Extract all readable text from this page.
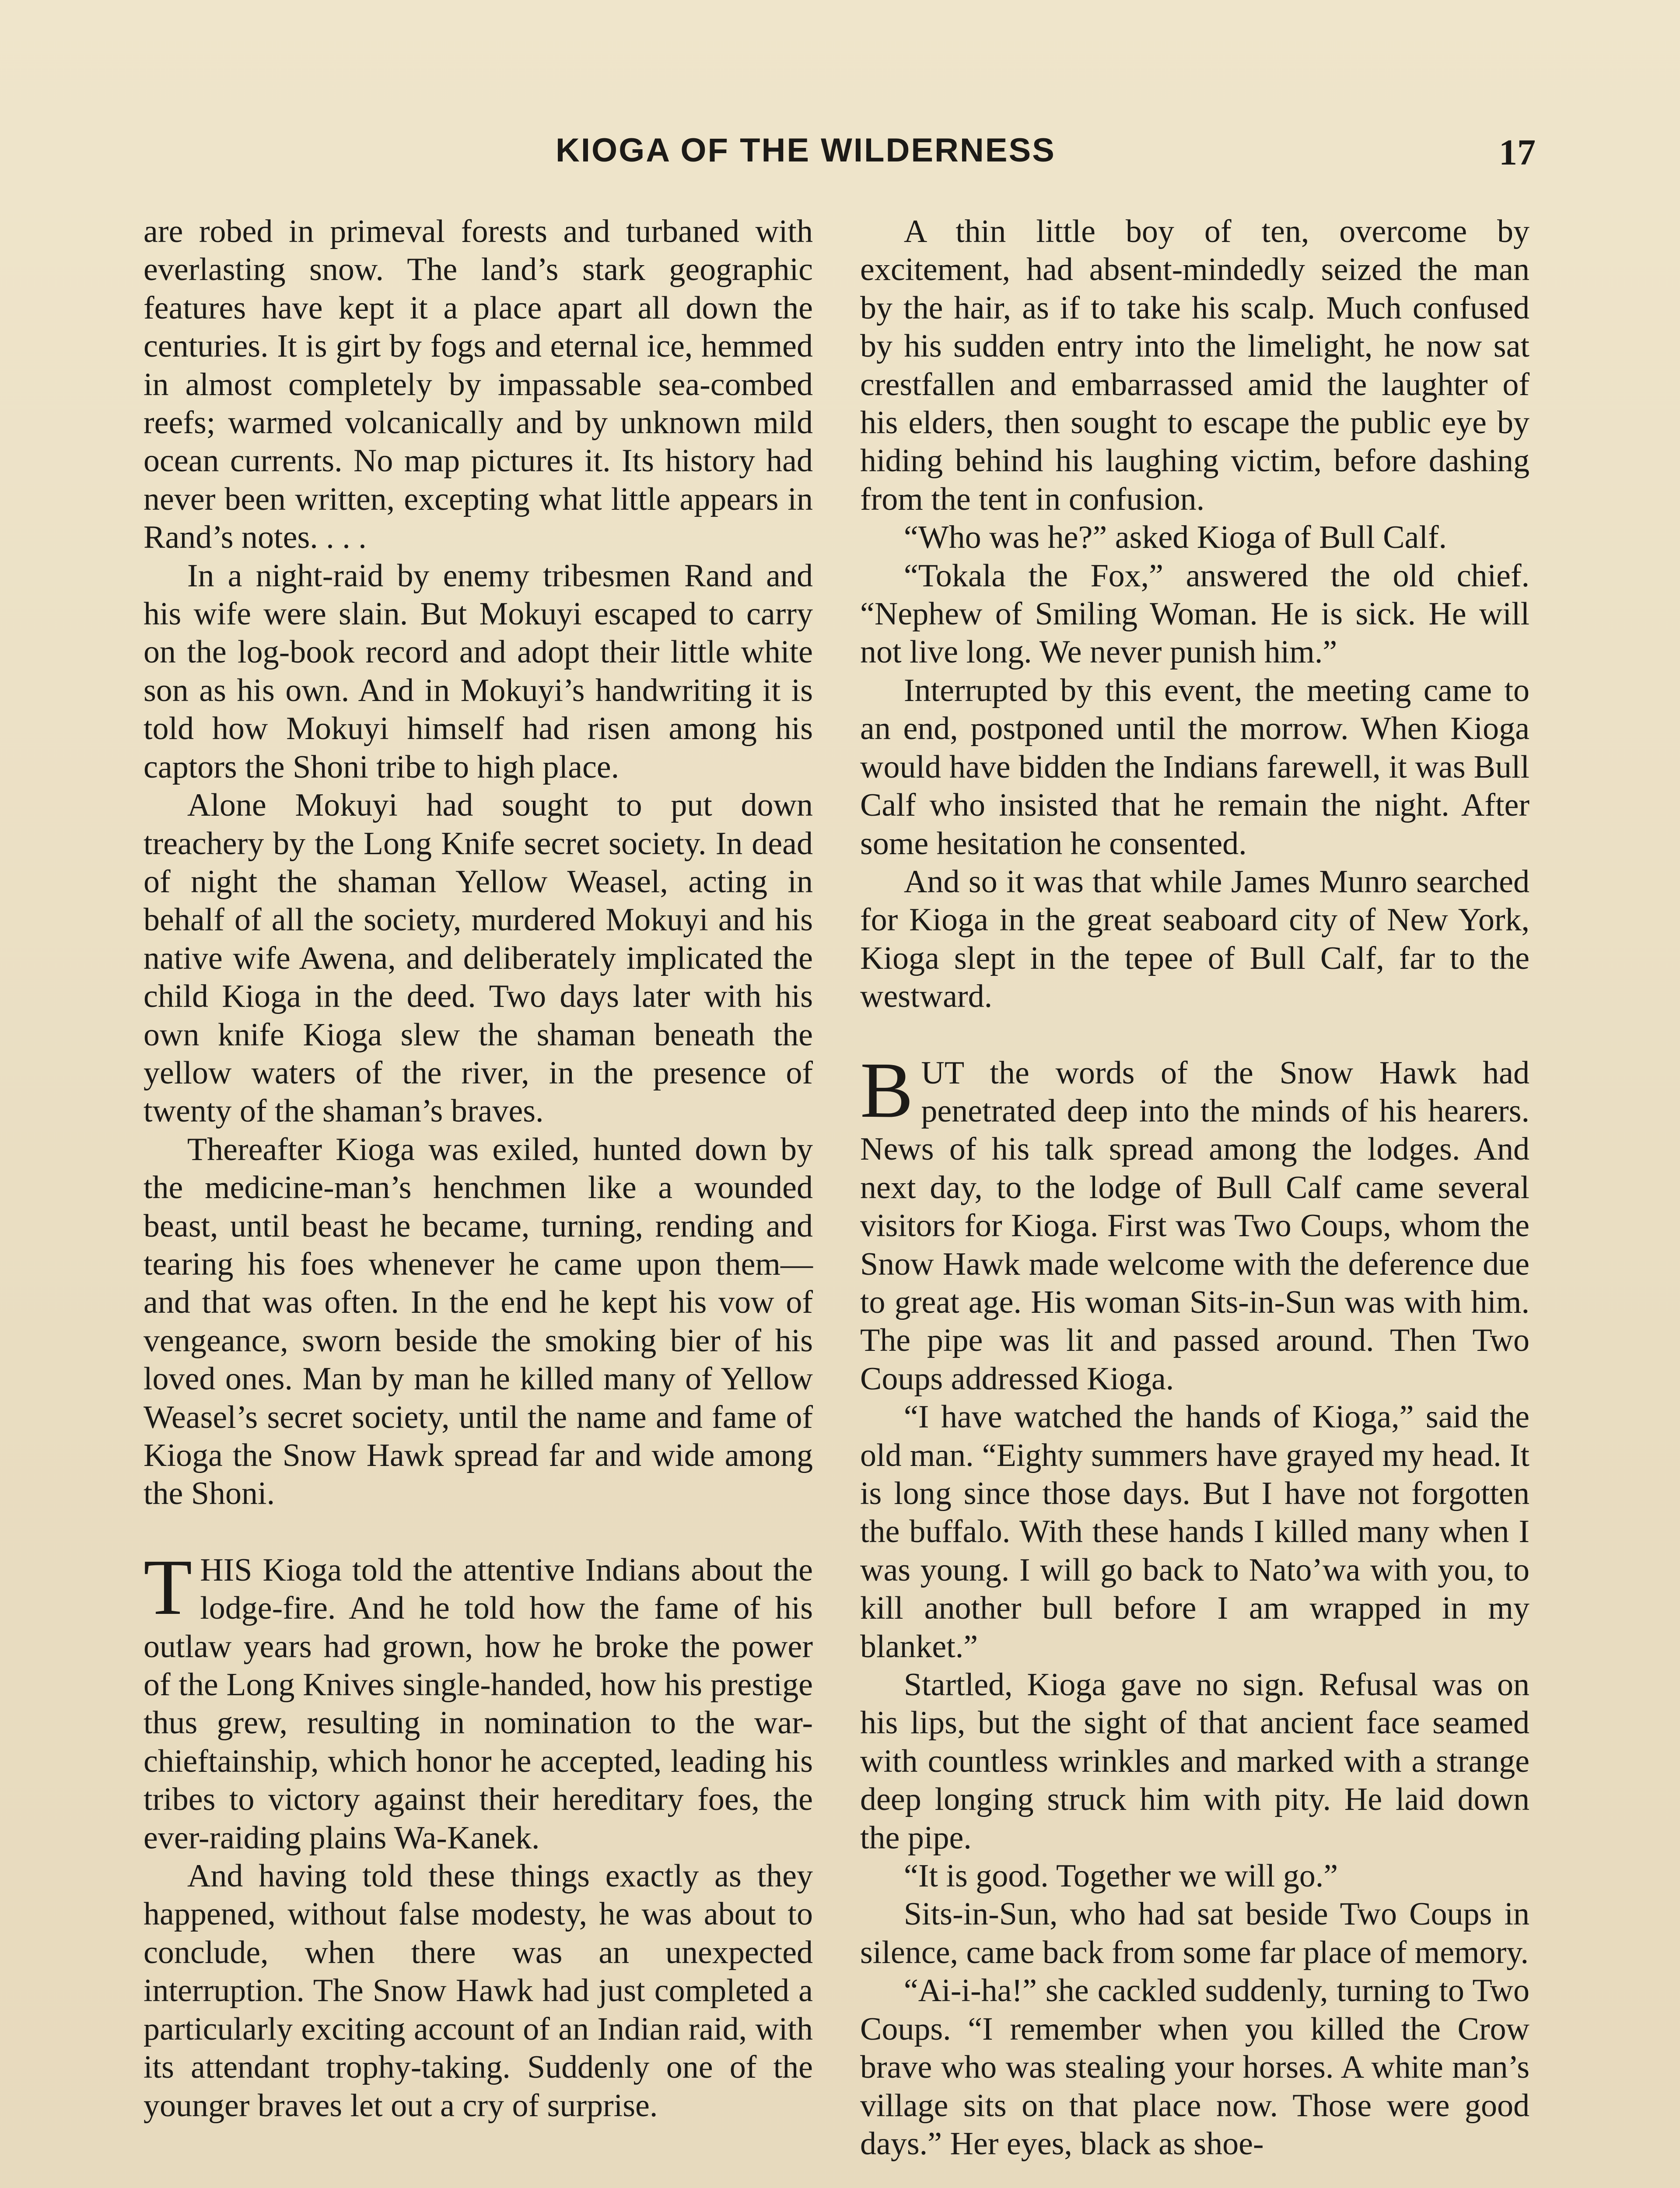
KIOGA OF THE WILDERNESS	17

are robed in primeval forests and turbaned with everlasting snow. The land’s stark geographic features have kept it a place apart all down the centuries. It is girt by fogs and eternal ice, hemmed in almost completely by impassable sea-combed reefs; warmed volcanically and by unknown mild ocean currents. No map pictures it. Its history had never been written, excepting what little appears in Rand’s notes. . . .

In a night-raid by enemy tribesmen Rand and his wife were slain. But Mokuyi escaped to carry on the log-book record and adopt their little white son as his own. And in Mokuyi’s handwriting it is told how Mokuyi himself had risen among his captors the Shoni tribe to high place.

Alone Mokuyi had sought to put down treachery by the Long Knife secret society. In dead of night the shaman Yellow Weasel, acting in behalf of all the society, murdered Mokuyi and his native wife Awena, and deliberately implicated the child Kioga in the deed. Two days later with his own knife Kioga slew the shaman beneath the yellow waters of the river, in the presence of twenty of the shaman’s braves.

Thereafter Kioga was exiled, hunted down by the medicine-man’s henchmen like a wounded beast, until beast he became, turning, rending and tearing his foes whenever he came upon them—and that was often. In the end he kept his vow of vengeance, sworn beside the smoking bier of his loved ones. Man by man he killed many of Yellow Weasel’s secret society, until the name and fame of Kioga the Snow Hawk spread far and wide among the Shoni.

THIS Kioga told the attentive Indians about the lodge-fire. And he told how the fame of his outlaw years had grown, how he broke the power of the Long Knives single-handed, how his prestige thus grew, resulting in nomination to the war-chieftainship, which honor he accepted, leading his tribes to victory against their hereditary foes, the ever-raiding plains Wa-Kanek.

And having told these things exactly as they happened, without false modesty, he was about to conclude, when there was an unexpected interruption. The Snow Hawk had just completed a particularly exciting account of an Indian raid, with its attendant trophy-taking. Suddenly one of the younger braves let out a cry of surprise.

A thin little boy of ten, overcome by excitement, had absent-mindedly seized the man by the hair, as if to take his scalp. Much confused by his sudden entry into the limelight, he now sat crestfallen and embarrassed amid the laughter of his elders, then sought to escape the public eye by hiding behind his laughing victim, before dashing from the tent in confusion.

“Who was he?” asked Kioga of Bull Calf.

“Tokala the Fox,” answered the old chief. “Nephew of Smiling Woman. He is sick. He will not live long. We never punish him.”

Interrupted by this event, the meeting came to an end, postponed until the morrow. When Kioga would have bidden the Indians farewell, it was Bull Calf who insisted that he remain the night. After some hesitation he consented.

And so it was that while James Munro searched for Kioga in the great seaboard city of New York, Kioga slept in the tepee of Bull Calf, far to the westward.

BUT the words of the Snow Hawk had penetrated deep into the minds of his hearers. News of his talk spread among the lodges. And next day, to the lodge of Bull Calf came several visitors for Kioga. First was Two Coups, whom the Snow Hawk made welcome with the deference due to great age. His woman Sits-in-Sun was with him. The pipe was lit and passed around. Then Two Coups addressed Kioga.

“I have watched the hands of Kioga,” said the old man. “Eighty summers have grayed my head. It is long since those days. But I have not forgotten the buffalo. With these hands I killed many when I was young. I will go back to Nato’wa with you, to kill another bull before I am wrapped in my blanket.”

Startled, Kioga gave no sign. Refusal was on his lips, but the sight of that ancient face seamed with countless wrinkles and marked with a strange deep longing struck him with pity. He laid down the pipe.

“It is good. Together we will go.”

Sits-in-Sun, who had sat beside Two Coups in silence, came back from some far place of memory.

“Ai-i-ha!” she cackled suddenly, turning to Two Coups. “I remember when you killed the Crow brave who was stealing your horses. A white man’s village sits on that place now. Those were good days.” Her eyes, black as shoe-
